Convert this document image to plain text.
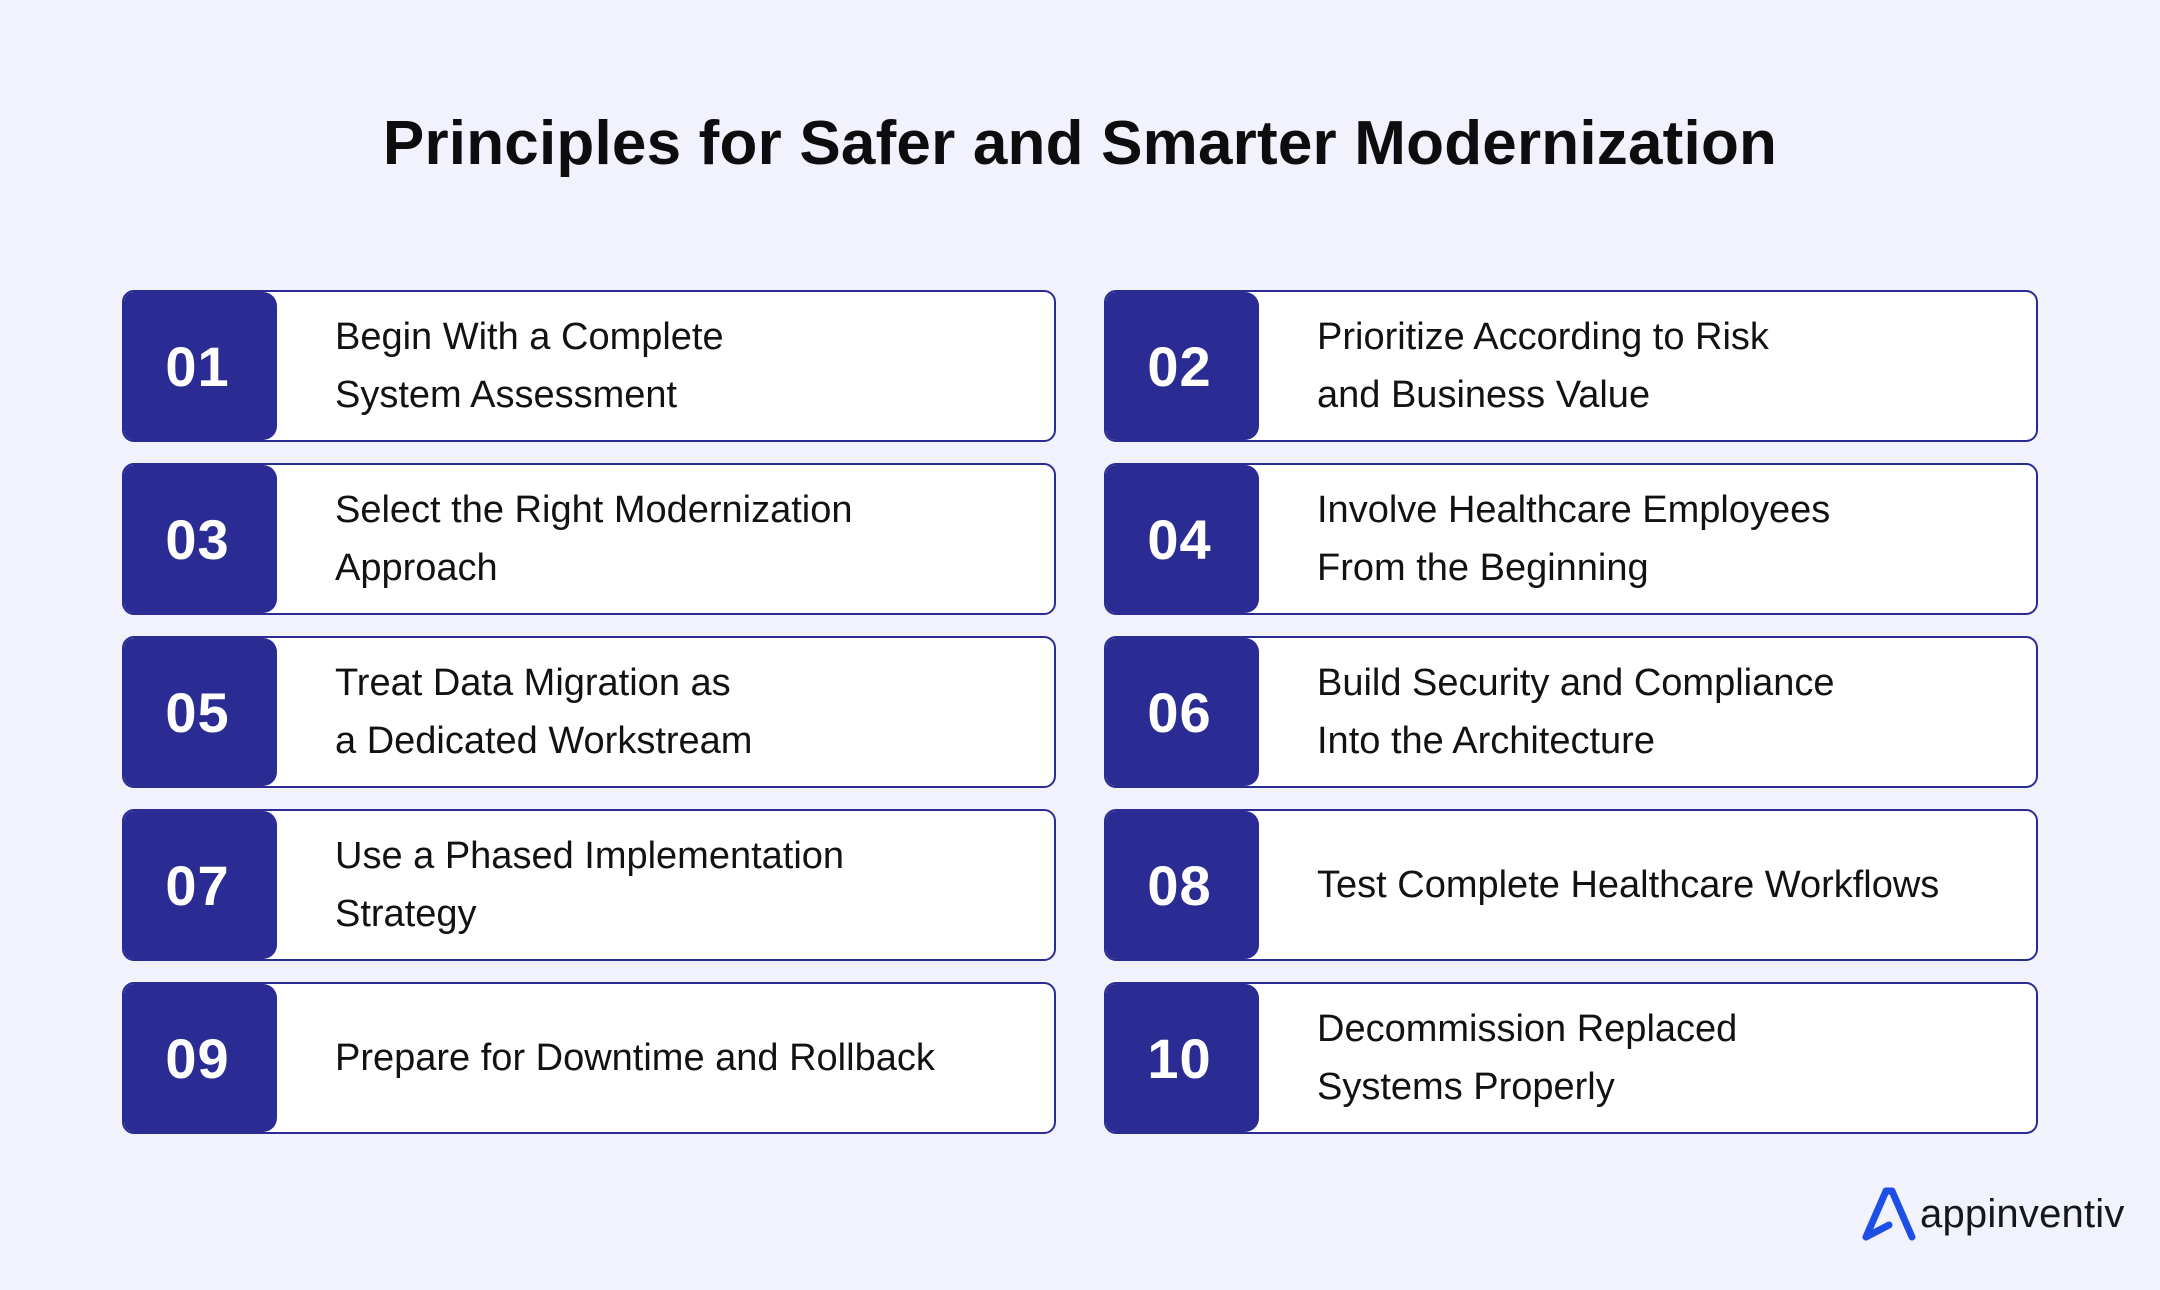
Principles for Safer and Smarter Modernization
01	Begin With a Complete
System Assessment	02	Prioritize According to Risk
and Business Value
03	Select the Right Modernization
Approach	04	Involve Healthcare Employees
From the Beginning
05	Treat Data Migration as
a Dedicated Workstream	06	Build Security and Compliance
Into the Architecture
07	Use a Phased Implementation
Strategy	08	Test Complete Healthcare Workflows
09	Prepare for Downtime and Rollback	10	Decommission Replaced
Systems Properly
appinventiv
